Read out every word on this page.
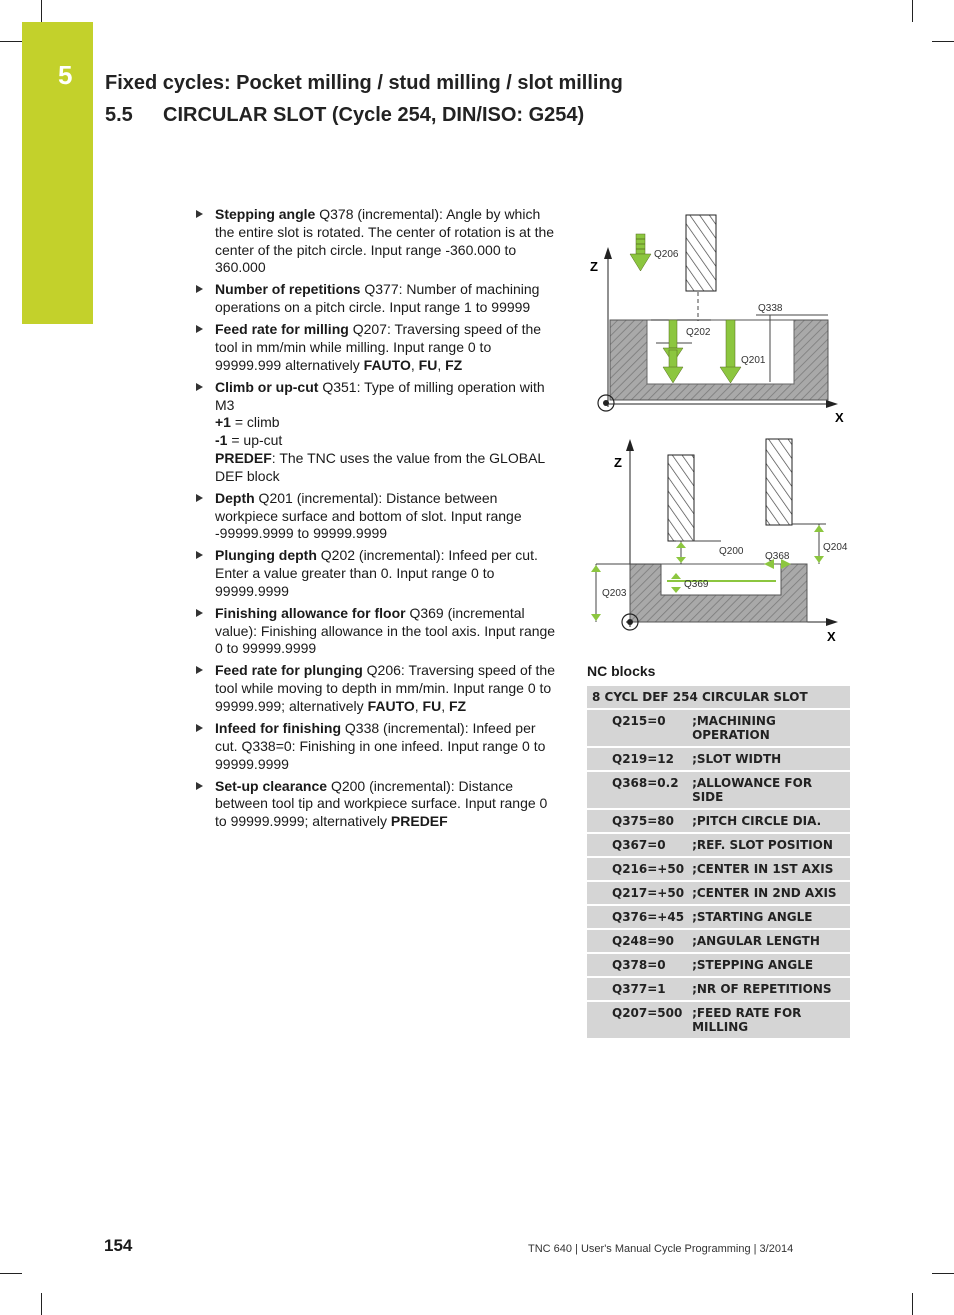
5 Fixed cycles: Pocket milling / stud milling / slot milling
5.5 CIRCULAR SLOT (Cycle 254, DIN/ISO: G254)
Stepping angle Q378 (incremental): Angle by which the entire slot is rotated. The center of rotation is at the center of the pitch circle. Input range -360.000 to 360.000
Number of repetitions Q377: Number of machining operations on a pitch circle. Input range 1 to 99999
Feed rate for milling Q207: Traversing speed of the tool in mm/min while milling. Input range 0 to 99999.999 alternatively FAUTO, FU, FZ
Climb or up-cut Q351: Type of milling operation with M3
+1 = climb
-1 = up-cut
PREDEF: The TNC uses the value from the GLOBAL DEF block
Depth Q201 (incremental): Distance between workpiece surface and bottom of slot. Input range -99999.9999 to 99999.9999
Plunging depth Q202 (incremental): Infeed per cut. Enter a value greater than 0. Input range 0 to 99999.9999
Finishing allowance for floor Q369 (incremental value): Finishing allowance in the tool axis. Input range 0 to 99999.9999
Feed rate for plunging Q206: Traversing speed of the tool while moving to depth in mm/min. Input range 0 to 99999.999; alternatively FAUTO, FU, FZ
Infeed for finishing Q338 (incremental): Infeed per cut. Q338=0: Finishing in one infeed. Input range 0 to 99999.9999
Set-up clearance Q200 (incremental): Distance between tool tip and workpiece surface. Input range 0 to 99999.9999; alternatively PREDEF
Z
X
Q206
Q202
Q201
Q338
Z
X
Q200 Q368
Q204
Q369
Q203
NC blocks
8 CYCL DEF 254 CIRCULAR SLOT	
Q215=0	;MACHINING OPERATION
Q219=12	;SLOT WIDTH
Q368=0.2	;ALLOWANCE FOR SIDE
Q375=80	;PITCH CIRCLE DIA.
Q367=0	;REF. SLOT POSITION
Q216=+50	;CENTER IN 1ST AXIS
Q217=+50	;CENTER IN 2ND AXIS
Q376=+45	;STARTING ANGLE
Q248=90	;ANGULAR LENGTH
Q378=0	;STEPPING ANGLE
Q377=1	;NR OF REPETITIONS
Q207=500	;FEED RATE FOR MILLING
154	TNC 640 | User's Manual Cycle Programming | 3/2014
